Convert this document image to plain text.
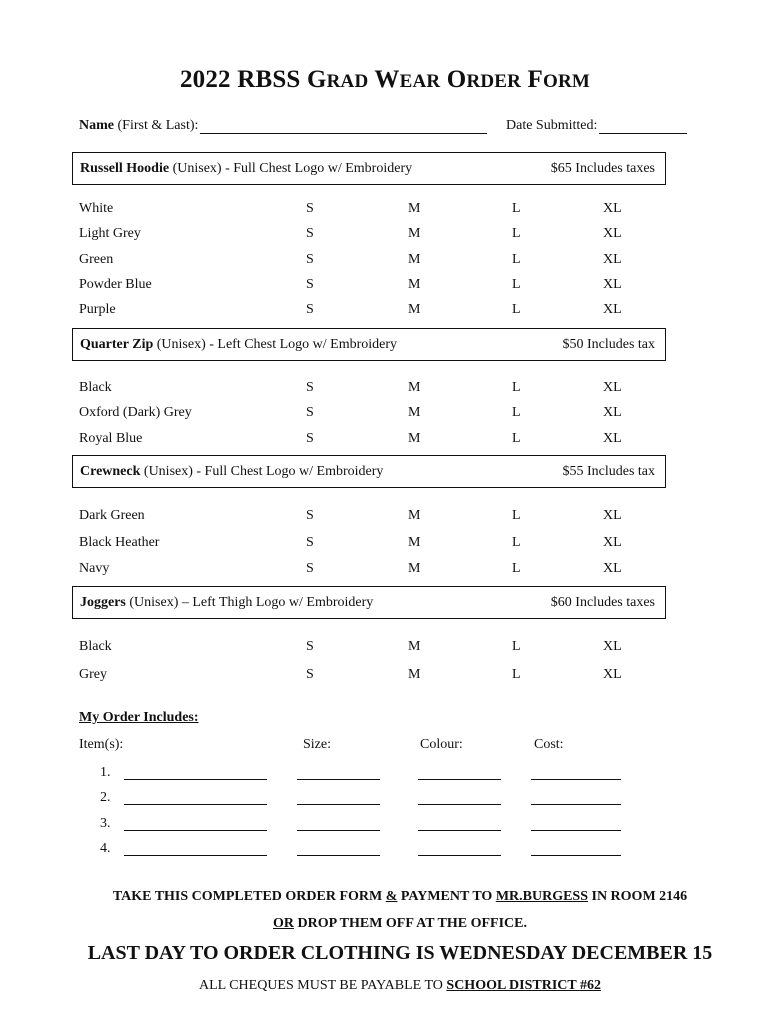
2022 RBSS GRAD WEAR ORDER FORM
Name (First & Last):	Date Submitted:
Russell Hoodie (Unisex) - Full Chest Logo w/ Embroidery	$65 Includes taxes
White	S	M	L	XL
Light Grey	S	M	L	XL
Green	S	M	L	XL
Powder Blue	S	M	L	XL
Purple	S	M	L	XL
Quarter Zip (Unisex) - Left Chest Logo w/ Embroidery	$50 Includes tax
Black	S	M	L	XL
Oxford (Dark) Grey	S	M	L	XL
Royal Blue	S	M	L	XL
Crewneck (Unisex) - Full Chest Logo w/ Embroidery	$55 Includes tax
Dark Green	S	M	L	XL
Black Heather	S	M	L	XL
Navy	S	M	L	XL
Joggers (Unisex) – Left Thigh Logo w/ Embroidery	$60 Includes taxes
Black	S	M	L	XL
Grey	S	M	L	XL
My Order Includes:
Item(s):	Size:	Colour:	Cost:
1.
2.
3.
4.
TAKE THIS COMPLETED ORDER FORM & PAYMENT TO MR.BURGESS IN ROOM 2146
OR DROP THEM OFF AT THE OFFICE.
LAST DAY TO ORDER CLOTHING IS WEDNESDAY DECEMBER 15
ALL CHEQUES MUST BE PAYABLE TO SCHOOL DISTRICT #62
